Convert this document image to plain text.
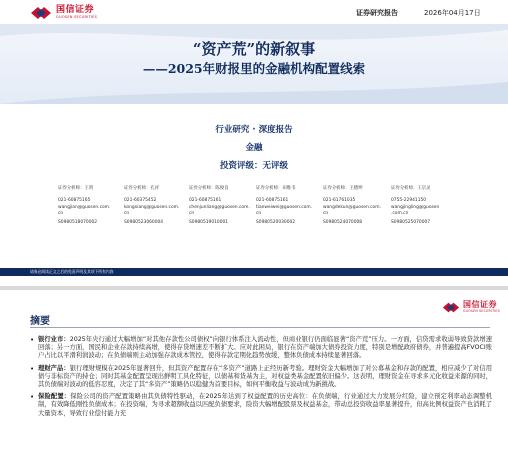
国信证券
GUOSEN SECURITIES
证券研究报告	2026年04月17日
“资产荒”的新叙事
——2025年财报里的金融机构配置线索
行业研究 · 深度报告
金融
投资评级：无评级
证券分析师：王剑
021-60875165
wangjian@guosen.com.
cn
S0980518070002
证券分析师：孔祥
021-60375452
kongxiang@guosen.com.
cn
S0980523060004
证券分析师：陈俊良
021-60875161
chenjunliang@guosen.com.
cn
S0980519010001
证券分析师：田维韦
021-60875161
tianweiwei@guosen.com.
cn
S0980520030002
证券分析师：王德坤
021-61761035
wangdekun@guosen.com.
cn
S0980524070008
证券分析师：王京灵
0755-22941150
wangjingling@guosen
.com.cn
S0980525070007
请务必阅读正文之后的免责声明及其项下所有内容
国信证券
GUOSEN SECURITIES
摘要
• 银行业市：2025年央行通过大幅增加“对其他存款性公司债权”向银行体系注入流动性，但商业银行仍面临显著“资产荒”压力。一方面，信贷需求收弱导致贷款增速回落；另一方面，国民和企业存款持续高增，使得存贷增速差不断扩大。应对此困局，银行在资产端加大债券投资力度，特别是增配政府债券，并普遍提高FVOCI账户占比以平滑利润波动；在负债端则主动加强存款成本管控，使得存款定期化趋势放缓，整体负债成本持续显著回落。
• 理财产品：银行理财规模在2025年显著回升，但其资产配置存在“多资产”道路上正经历新考验。理财资金大幅增加了对公募基金和存款的配置，相应减少了对信用债与非标资产的持仓；同时其基金配置呈现出鲜明工具化特征，以债基和货基为主，对权益类基金配置依旧偏少。这表明，理财资金在寻求多元化收益来源的同时，其负债端对波动的低容忍度，决定了其“多资产”策略仍以稳健为首要目标，如何平衡收益与波动成为新挑战。
• 保险配置：保险公司的资产配置策略由其负债特性驱动，在2025年达到了权益配置的历史高位：在负债端，行业通过大力发展分红险，建立预定利率动态调整机制，有效降低刚性负债成本；在投资端，为寻求超额收益以匹配负债要求，险资大幅增配股票及权益基金，带动总投资收益率显著提升，但高比例权益资产也消耗了大量资本，导致行业偿付能力充
